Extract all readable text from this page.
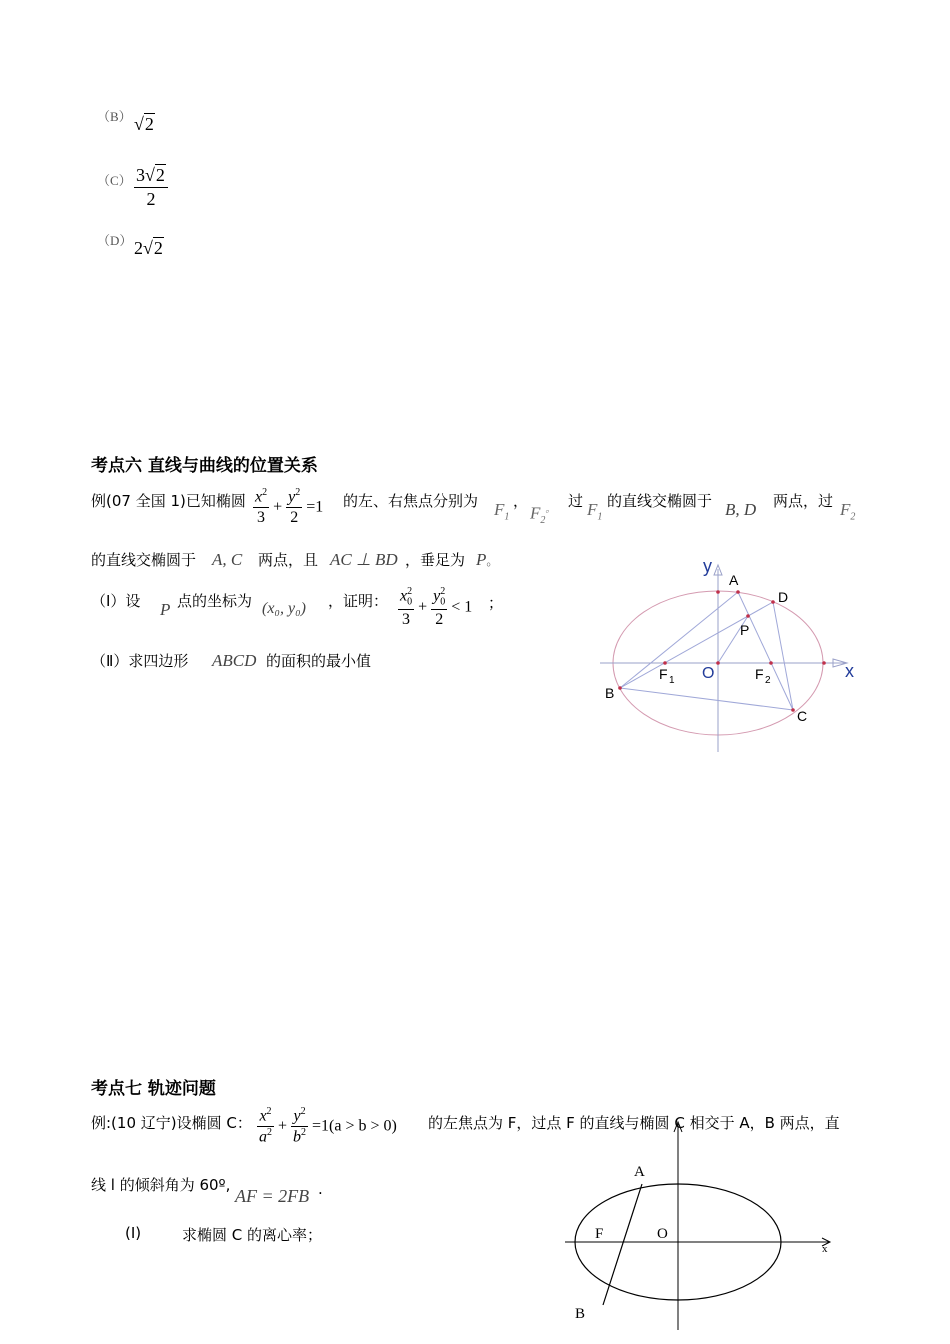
（B） √2
$(C) \frac{3√2}{2}$
（D） 2√2
考点六 直线与曲线的位置关系
例(07 全国 1)已知椭圆 $\frac{x^2}{3} + \frac{y^2}{2} =1$ 的左、右焦点分别为 $F_1$
，
$F_2^。$ 过 $F_1$
的直线交椭圆于 B, D 两点，过 $F_2$
的直线交椭圆于 A, C 两点，且 AC ⊥ BD ，垂足为 P。
（Ⅰ）设 P 点的坐标为 (x₀, y₀) ，证明： $\frac{x_0^2}{3} + \frac{y_0^2}{2} < 1$ ；
（Ⅱ）求四边形 ABCD 的面积的最小值
y
x
A
D
P
B
C
O
F 1	F 2
考点七 轨迹问题
例:(10 辽宁)设椭圆 C： $\frac{x^2}{a^2} + \frac{y^2}{b^2} =1(a > b > 0)$ 的左焦点为 F，过点 F 的直线与椭圆 C 相交于 A，B 两点，直
线 l 的倾斜角为 60º,
AF = 2FB .
(I)	求椭圆 C 的离心率；
A
B
F	O
x
